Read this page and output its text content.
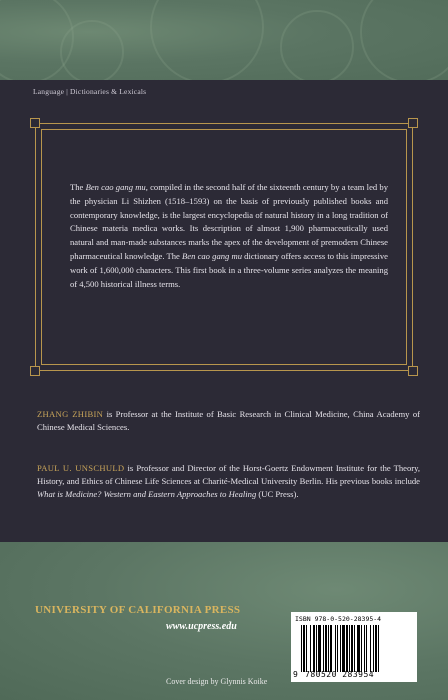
Language | Dictionaries & Lexicals

The Ben cao gang mu, compiled in the second half of the sixteenth century by a team led by the physician Li Shizhen (1518–1593) on the basis of previously published books and contemporary knowledge, is the largest encyclopedia of natural history in a long tradition of Chinese materia medica works. Its description of almost 1,900 pharmaceutically used natural and man-made substances marks the apex of the development of premodern Chinese pharmaceutical knowledge. The Ben cao gang mu dictionary offers access to this impressive work of 1,600,000 characters. This first book in a three-volume series analyzes the meaning of 4,500 historical illness terms.

ZHANG ZHIBIN is Professor at the Institute of Basic Research in Clinical Medicine, China Academy of Chinese Medical Sciences.

PAUL U. UNSCHULD is Professor and Director of the Horst-Goertz Endowment Institute for the Theory, History, and Ethics of Chinese Life Sciences at Charité-Medical University Berlin. His previous books include What is Medicine? Western and Eastern Approaches to Healing (UC Press).

UNIVERSITY OF CALIFORNIA PRESS

www.ucpress.edu

Cover design by Glynnis Koike

ISBN 978-0-520-28395-4

9 780520 283954
